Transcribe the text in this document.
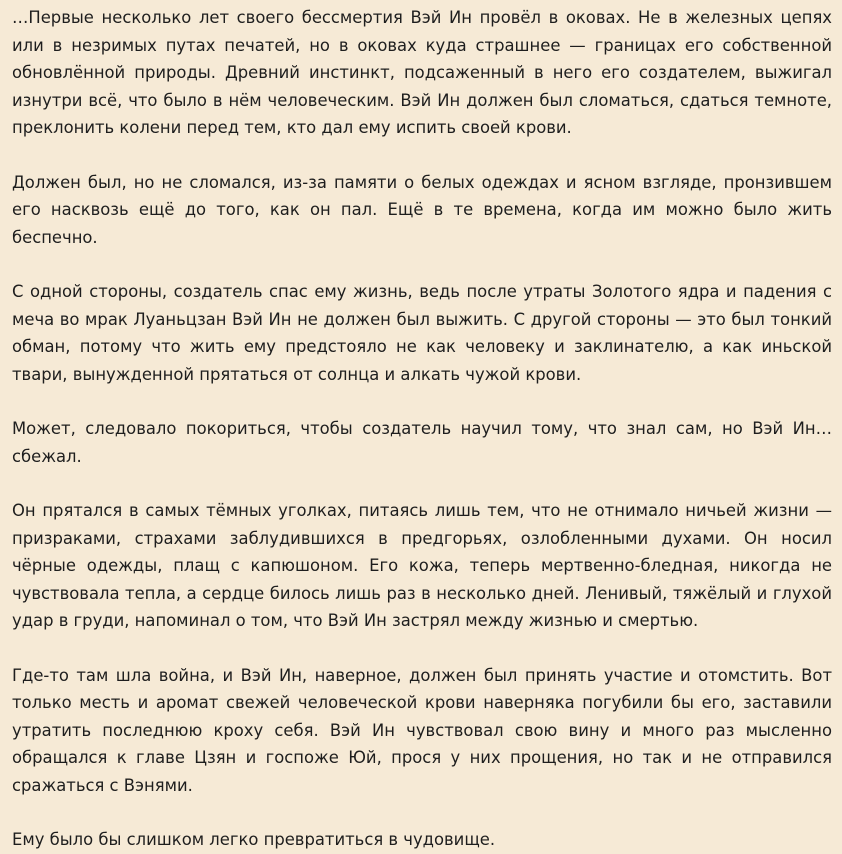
…Первые несколько лет своего бессмертия Вэй Ин провёл в оковах. Не в железных цепях или в незримых путах печатей, но в оковах куда страшнее — границах его собственной обновлённой природы. Древний инстинкт, подсаженный в него его создателем, выжигал изнутри всё, что было в нём человеческим. Вэй Ин должен был сломаться, сдаться темноте, преклонить колени перед тем, кто дал ему испить своей крови.

Должен был, но не сломался, из-за памяти о белых одеждах и ясном взгляде, пронзившем его насквозь ещё до того, как он пал. Ещё в те времена, когда им можно было жить беспечно.

С одной стороны, создатель спас ему жизнь, ведь после утраты Золотого ядра и падения с меча во мрак Луаньцзан Вэй Ин не должен был выжить. С другой стороны — это был тонкий обман, потому что жить ему предстояло не как человеку и заклинателю, а как иньской твари, вынужденной прятаться от солнца и алкать чужой крови.

Может, следовало покориться, чтобы создатель научил тому, что знал сам, но Вэй Ин… сбежал.

Он прятался в самых тёмных уголках, питаясь лишь тем, что не отнимало ничьей жизни — призраками, страхами заблудившихся в предгорьях, озлобленными духами. Он носил чёрные одежды, плащ с капюшоном. Его кожа, теперь мертвенно-бледная, никогда не чувствовала тепла, а сердце билось лишь раз в несколько дней. Ленивый, тяжёлый и глухой удар в груди, напоминал о том, что Вэй Ин застрял между жизнью и смертью.

Где-то там шла война, и Вэй Ин, наверное, должен был принять участие и отомстить. Вот только месть и аромат свежей человеческой крови наверняка погубили бы его, заставили утратить последнюю кроху себя. Вэй Ин чувствовал свою вину и много раз мысленно обращался к главе Цзян и госпоже Юй, прося у них прощения, но так и не отправился сражаться с Вэнями.

Ему было бы слишком легко превратиться в чудовище.
